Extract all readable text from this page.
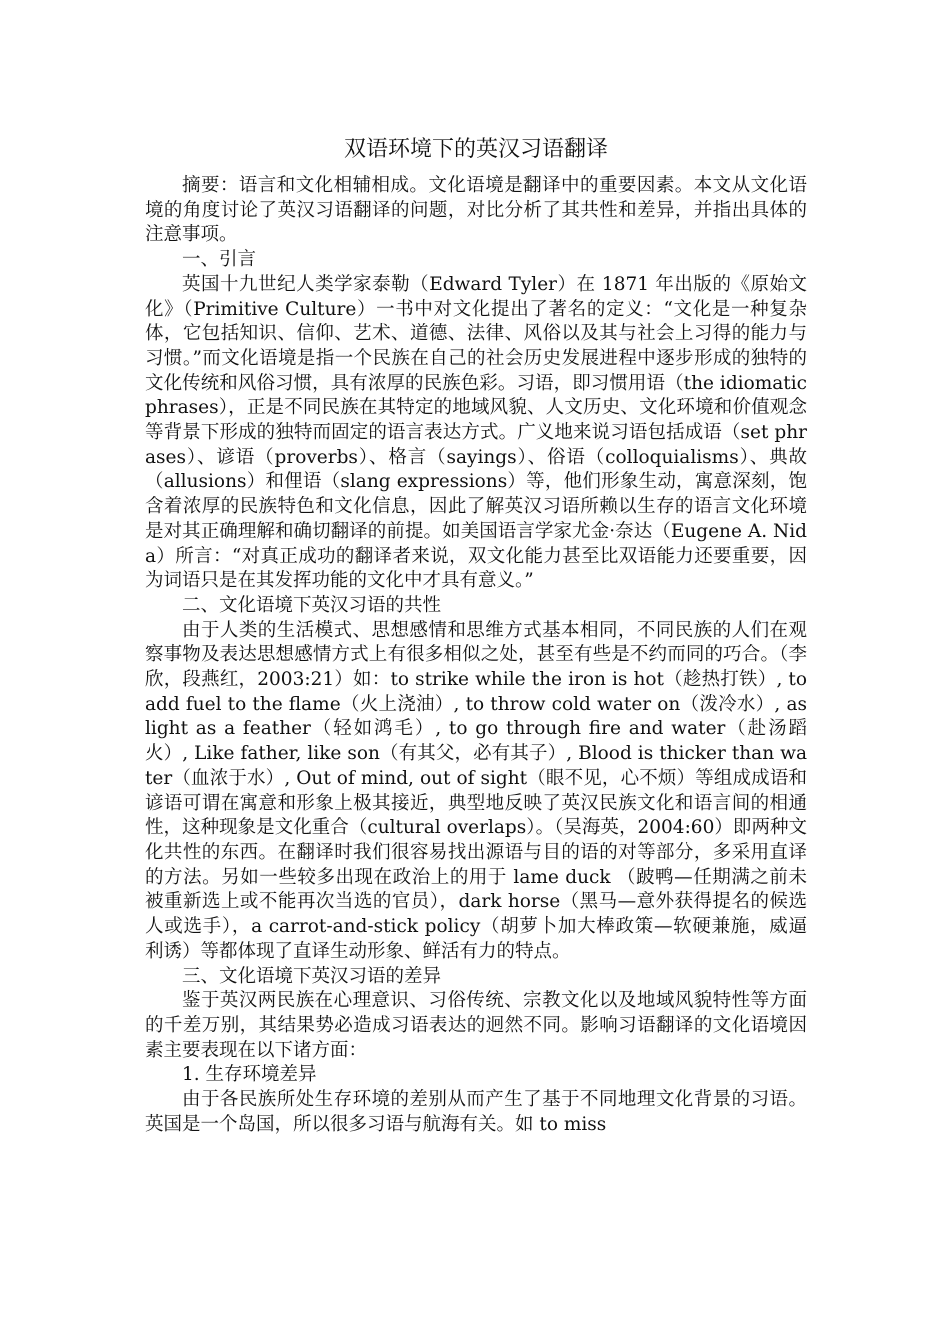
双语环境下的英汉习语翻译

摘要：语言和文化相辅相成。文化语境是翻译中的重要因素。本文从文化语境的角度讨论了英汉习语翻译的问题，对比分析了其共性和差异，并指出具体的注意事项。

一、引言

英国十九世纪人类学家泰勒（Edward Tyler）在 1871 年出版的《原始文化》（Primitive Culture）一书中对文化提出了著名的定义：“文化是一种复杂体，它包括知识、信仰、艺术、道德、法律、风俗以及其与社会上习得的能力与习惯。”而文化语境是指一个民族在自己的社会历史发展进程中逐步形成的独特的文化传统和风俗习惯，具有浓厚的民族色彩。习语，即习惯用语（the idiomatic phrases），正是不同民族在其特定的地域风貌、人文历史、文化环境和价值观念等背景下形成的独特而固定的语言表达方式。广义地来说习语包括成语（set phrases）、谚语（proverbs）、格言（sayings）、俗语（colloquialisms）、典故（allusions）和俚语（slang expressions）等，他们形象生动，寓意深刻，饱含着浓厚的民族特色和文化信息，因此了解英汉习语所赖以生存的语言文化环境是对其正确理解和确切翻译的前提。如美国语言学家尤金·奈达（Eugene A. Nida）所言：“对真正成功的翻译者来说，双文化能力甚至比双语能力还要重要，因为词语只是在其发挥功能的文化中才具有意义。”

二、文化语境下英汉习语的共性

由于人类的生活模式、思想感情和思维方式基本相同，不同民族的人们在观察事物及表达思想感情方式上有很多相似之处，甚至有些是不约而同的巧合。（李欣，段燕红，2003:21）如：to strike while the iron is hot（趁热打铁）, to add fuel to the flame（火上浇油）, to throw cold water on（泼冷水）, as light as a feather（轻如鸿毛）, to go through fire and water（赴汤蹈火）, Like father, like son（有其父，必有其子）, Blood is thicker than water（血浓于水）, Out of mind, out of sight（眼不见，心不烦）等组成成语和谚语可谓在寓意和形象上极其接近，典型地反映了英汉民族文化和语言间的相通性，这种现象是文化重合（cultural overlaps）。（吴海英，2004:60）即两种文化共性的东西。在翻译时我们很容易找出源语与目的语的对等部分，多采用直译的方法。另如一些较多出现在政治上的用于 lame duck （跛鸭—任期满之前未被重新选上或不能再次当选的官员），dark horse（黑马—意外获得提名的候选人或选手），a carrot-and-stick policy（胡萝卜加大棒政策—软硬兼施，威逼利诱）等都体现了直译生动形象、鲜活有力的特点。

三、文化语境下英汉习语的差异

鉴于英汉两民族在心理意识、习俗传统、宗教文化以及地域风貌特性等方面的千差万别，其结果势必造成习语表达的迥然不同。影响习语翻译的文化语境因素主要表现在以下诸方面：

1. 生存环境差异

由于各民族所处生存环境的差别从而产生了基于不同地理文化背景的习语。英国是一个岛国，所以很多习语与航海有关。如 to miss
